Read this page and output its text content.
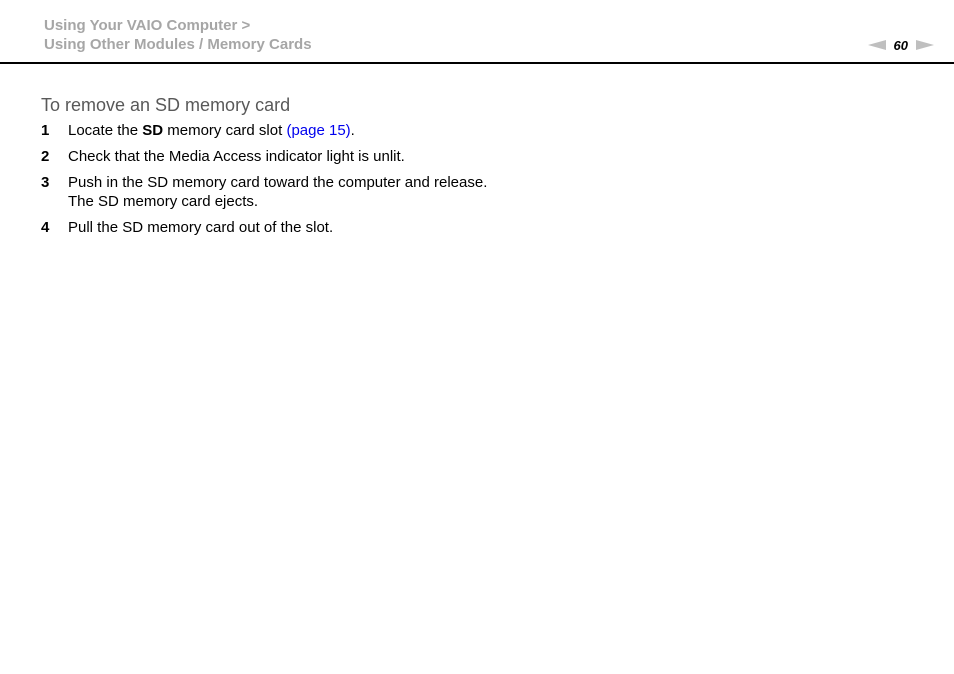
Using Your VAIO Computer >
Using Other Modules / Memory Cards	60
To remove an SD memory card
1	Locate the SD memory card slot (page 15).
2	Check that the Media Access indicator light is unlit.
3	Push in the SD memory card toward the computer and release.
The SD memory card ejects.
4	Pull the SD memory card out of the slot.
